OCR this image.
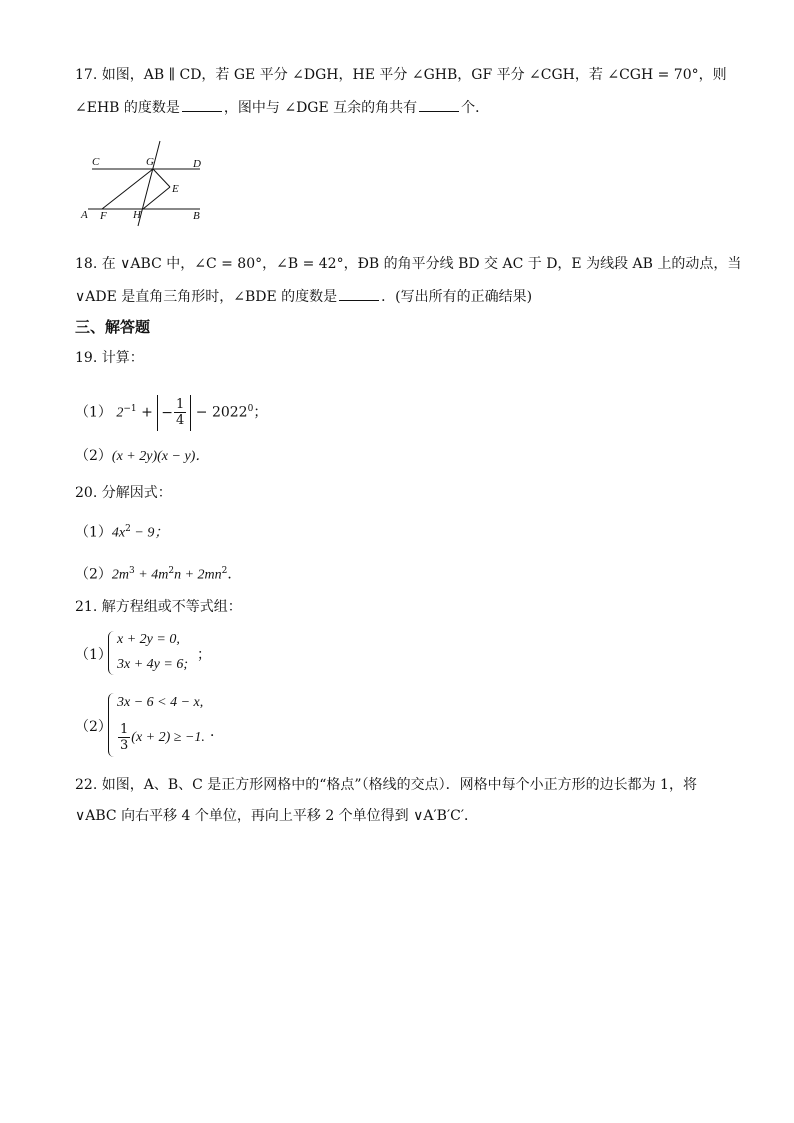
17. 如图，AB ∥ CD，若 GE 平分 ∠DGH，HE 平分 ∠GHB，GF 平分 ∠CGH，若 ∠CGH = 70°，则
∠EHB 的度数是	，图中与 ∠DGE 互余的角共有	个．
C	G	D
E
A F H	B
18. 在 ∨ABC 中，∠C = 80°，∠B = 42°，ÐB 的角平分线 BD 交 AC 于 D，E 为线段 AB 上的动点，当
∨ADE 是直角三角形时，∠BDE 的度数是	．(写出所有的正确结果)
三、解答题
19. 计算：
（1） $2^{-1}$ + − $\frac{1}{4} - 2022^0$；
（2）(x + 2y)(x − y)．
20. 分解因式：
$(1)4x^2 - 9$；
$(2)2m^3 + 4m^2n + 2mn^2$．
21. 解方程组或不等式组：
（1）
x + 2y = 0,
3x + 4y = 6;
；
（2）
3x − 6 < 4 − x,
$\frac{1}{3} (x + 2) \ge -1$. ．
22. 如图，A、B、C 是正方形网格中的“格点”（格线的交点）．网格中每个小正方形的边长都为 1，将
∨ABC 向右平移 4 个单位，再向上平移 2 个单位得到 ∨A′B′C′．
